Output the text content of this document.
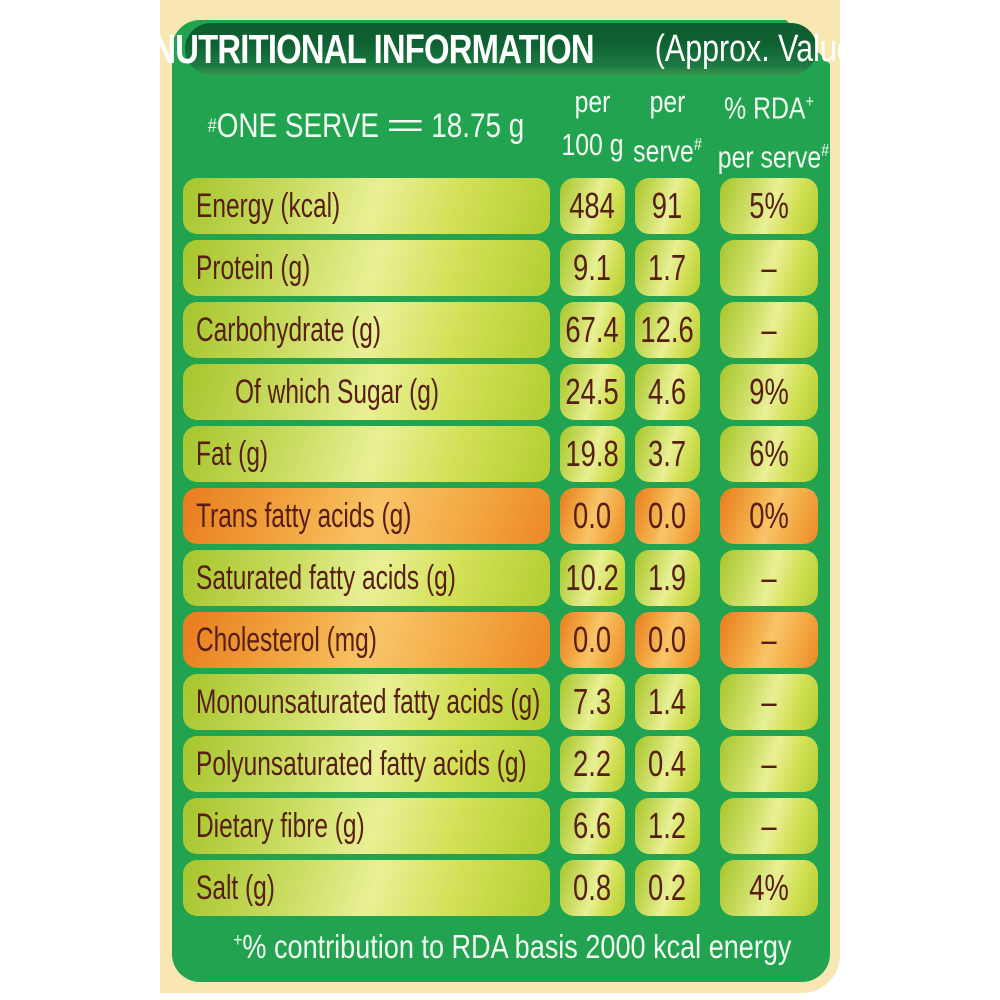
NUTRITIONAL INFORMATION (Approx. Values)
# ONE SERVE = 18.75 g
per
100 g
per
serve#
% RDA+
per serve#
Energy (kcal)	484 91 5%
Protein (g)	9.1 1.7 –
Carbohydrate (g)	67.4 12.6 –
Of which Sugar (g)	24.5 4.6 9%
Fat (g)	19.8 3.7 6%
Trans fatty acids (g)	0.0 0.0 0%
Saturated fatty acids (g)	10.2 1.9 –
Cholesterol (mg)	0.0 0.0 –
Monounsaturated fatty acids (g) 7.3 1.4 –
Polyunsaturated fatty acids (g) 2.2 0.4 –
Dietary fibre (g)	6.6 1.2 –
Salt (g)	0.8 0.2 4%
+% contribution to RDA basis 2000 kcal energy
